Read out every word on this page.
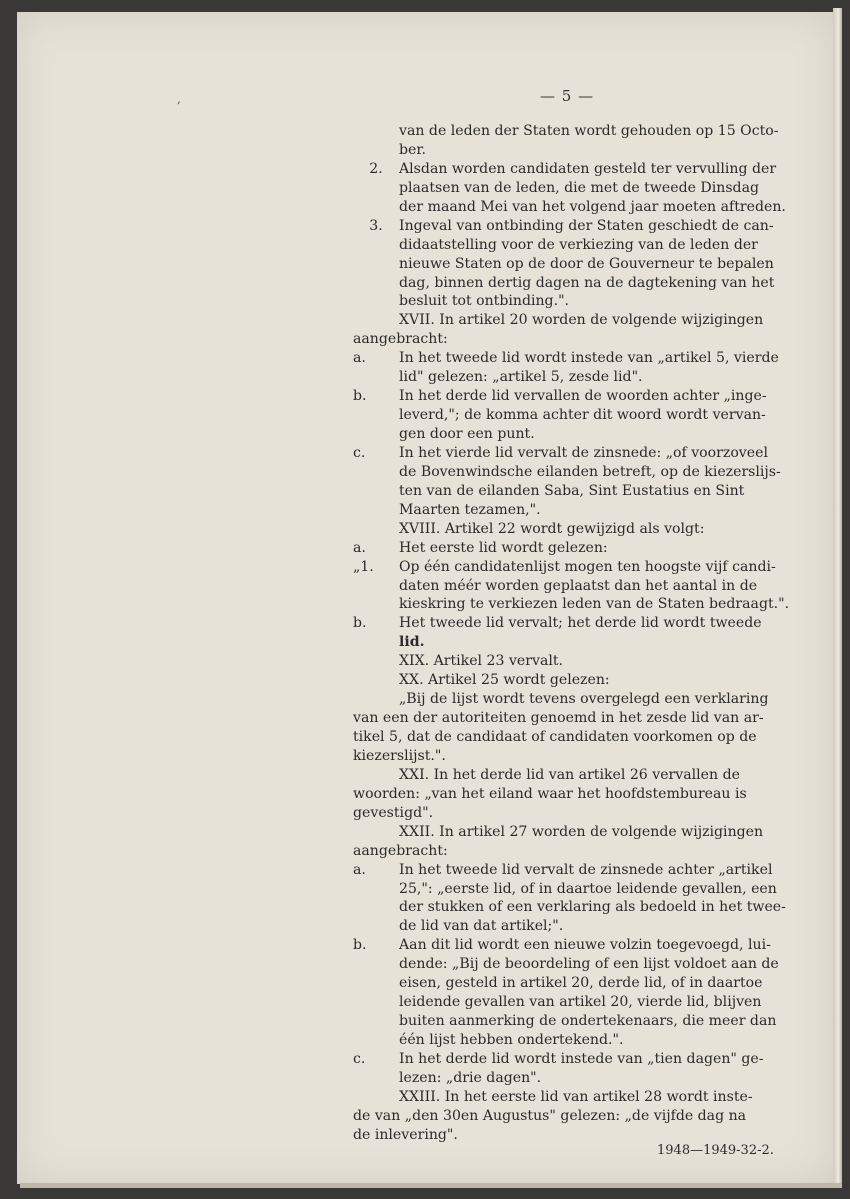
,	— 5 —
van de leden der Staten wordt gehouden op 15 Octo-
ber.
2. Alsdan worden candidaten gesteld ter vervulling der
plaatsen van de leden, die met de tweede Dinsdag
der maand Mei van het volgend jaar moeten aftreden.
3. Ingeval van ontbinding der Staten geschiedt de can-
didaatstelling voor de verkiezing van de leden der
nieuwe Staten op de door de Gouverneur te bepalen
dag, binnen dertig dagen na de dagtekening van het
besluit tot ontbinding.".
XVII. In artikel 20 worden de volgende wijzigingen
aangebracht:
a. In het tweede lid wordt instede van „artikel 5, vierde
lid" gelezen: „artikel 5, zesde lid".
b. In het derde lid vervallen de woorden achter „inge-
leverd,"; de komma achter dit woord wordt vervan-
gen door een punt.
c. In het vierde lid vervalt de zinsnede: „of voorzoveel
de Bovenwindsche eilanden betreft, op de kiezerslijs-
ten van de eilanden Saba, Sint Eustatius en Sint
Maarten tezamen,".
XVIII. Artikel 22 wordt gewijzigd als volgt:
a. Het eerste lid wordt gelezen:
„1. Op één candidatenlijst mogen ten hoogste vijf candi-
daten méér worden geplaatst dan het aantal in de
kieskring te verkiezen leden van de Staten bedraagt.".
b. Het tweede lid vervalt; het derde lid wordt tweede
lid.
XIX. Artikel 23 vervalt.
XX. Artikel 25 wordt gelezen:
„Bij de lijst wordt tevens overgelegd een verklaring
van een der autoriteiten genoemd in het zesde lid van ar-
tikel 5, dat de candidaat of candidaten voorkomen op de
kiezerslijst.".
XXI. In het derde lid van artikel 26 vervallen de
woorden: „van het eiland waar het hoofdstembureau is
gevestigd".
XXII. In artikel 27 worden de volgende wijzigingen
aangebracht:
a. In het tweede lid vervalt de zinsnede achter „artikel
25,": „eerste lid, of in daartoe leidende gevallen, een
der stukken of een verklaring als bedoeld in het twee-
de lid van dat artikel;".
b. Aan dit lid wordt een nieuwe volzin toegevoegd, lui-
dende: „Bij de beoordeling of een lijst voldoet aan de
eisen, gesteld in artikel 20, derde lid, of in daartoe
leidende gevallen van artikel 20, vierde lid, blijven
buiten aanmerking de ondertekenaars, die meer dan
één lijst hebben ondertekend.".
c. In het derde lid wordt instede van „tien dagen" ge-
lezen: „drie dagen".
XXIII. In het eerste lid van artikel 28 wordt inste-
de van „den 30en Augustus" gelezen: „de vijfde dag na
de inlevering".
1948—1949-32-2.
